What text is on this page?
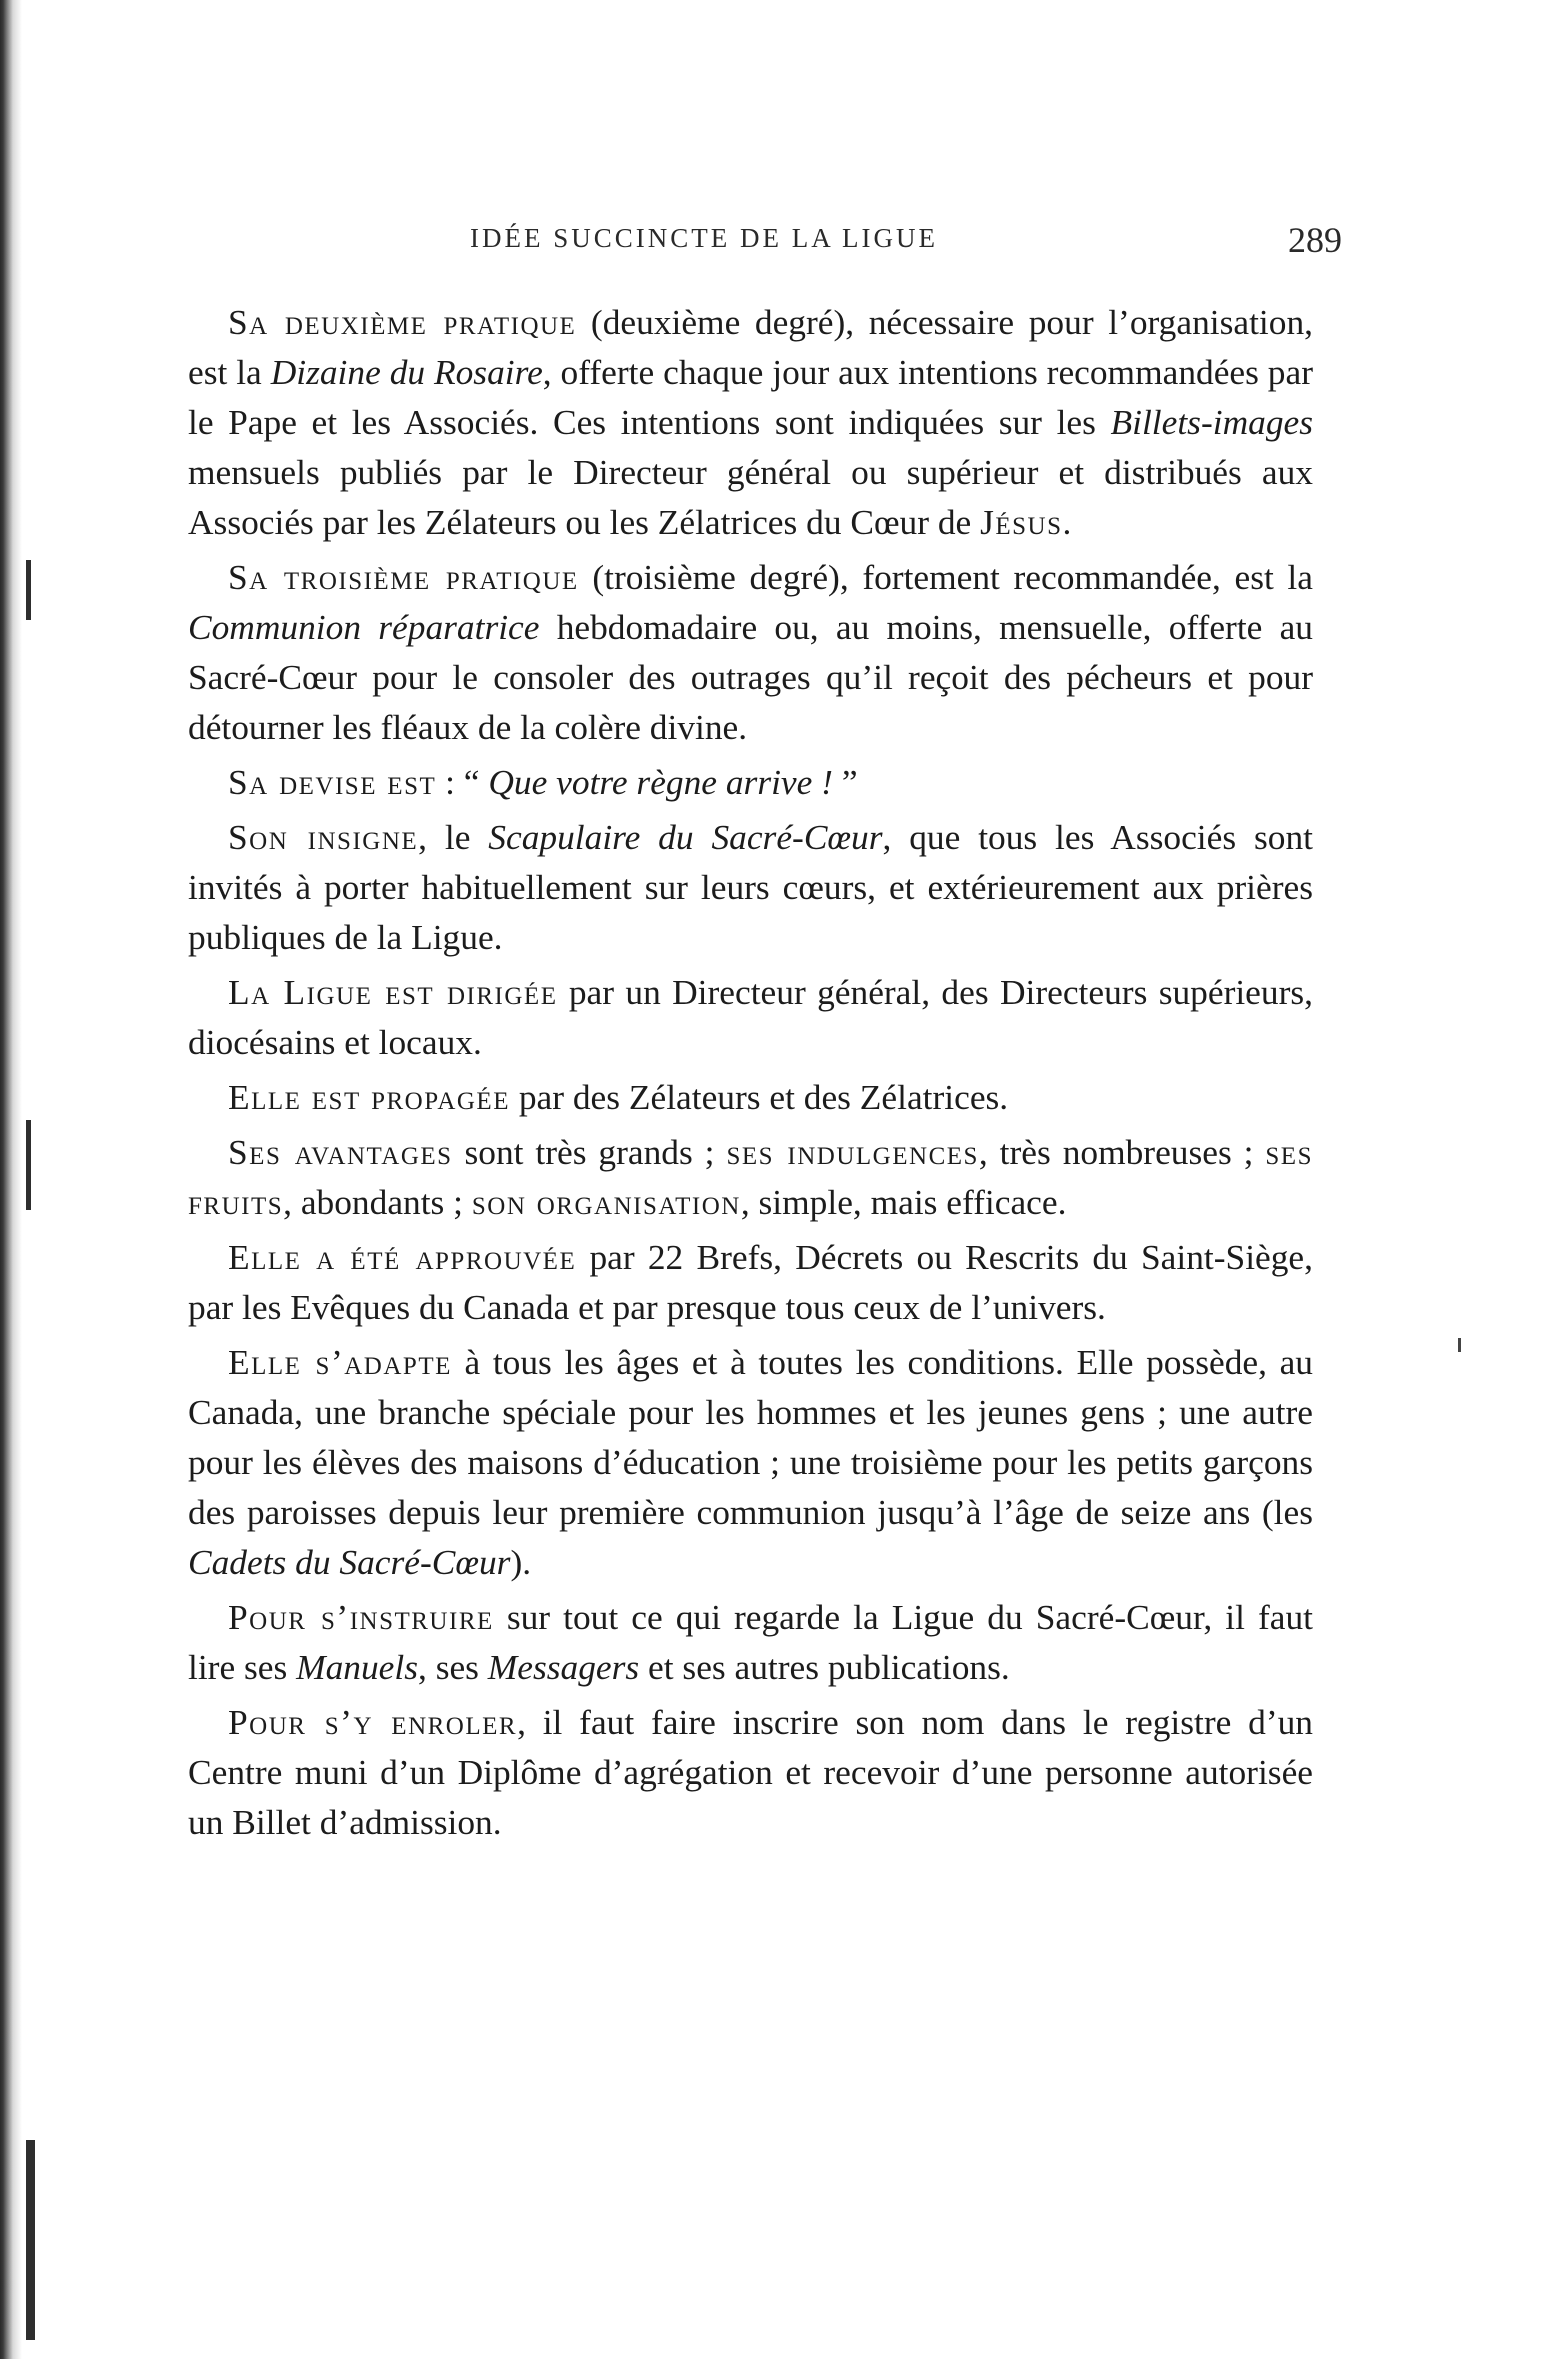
IDÉE SUCCINCTE DE LA LIGUE	289

Sa deuxième pratique (deuxième degré), nécessaire pour l’organisation, est la Dizaine du Rosaire, offerte chaque jour aux intentions recommandées par le Pape et les Associés. Ces intentions sont indiquées sur les Billets-images mensuels publiés par le Directeur général ou supérieur et distribués aux Associés par les Zélateurs ou les Zélatrices du Cœur de Jésus.

Sa troisième pratique (troisième degré), fortement recommandée, est la Communion réparatrice hebdomadaire ou, au moins, mensuelle, offerte au Sacré-Cœur pour le consoler des outrages qu’il reçoit des pécheurs et pour détourner les fléaux de la colère divine.

Sa devise est : “ Que votre règne arrive ! ”

Son insigne, le Scapulaire du Sacré-Cœur, que tous les Associés sont invités à porter habituellement sur leurs cœurs, et extérieurement aux prières publiques de la Ligue.

La Ligue est dirigée par un Directeur général, des Directeurs supérieurs, diocésains et locaux.

Elle est propagée par des Zélateurs et des Zélatrices.

Ses avantages sont très grands ; ses indulgences, très nombreuses ; ses fruits, abondants ; son organisation, simple, mais efficace.

Elle a été approuvée par 22 Brefs, Décrets ou Rescrits du Saint-Siège, par les Evêques du Canada et par presque tous ceux de l’univers.

Elle s’adapte à tous les âges et à toutes les conditions. Elle possède, au Canada, une branche spéciale pour les hommes et les jeunes gens ; une autre pour les élèves des maisons d’éducation ; une troisième pour les petits garçons des paroisses depuis leur première communion jusqu’à l’âge de seize ans (les Cadets du Sacré-Cœur).

Pour s’instruire sur tout ce qui regarde la Ligue du Sacré-Cœur, il faut lire ses Manuels, ses Messagers et ses autres publications.

Pour s’y enroler, il faut faire inscrire son nom dans le registre d’un Centre muni d’un Diplôme d’agrégation et recevoir d’une personne autorisée un Billet d’admission.
